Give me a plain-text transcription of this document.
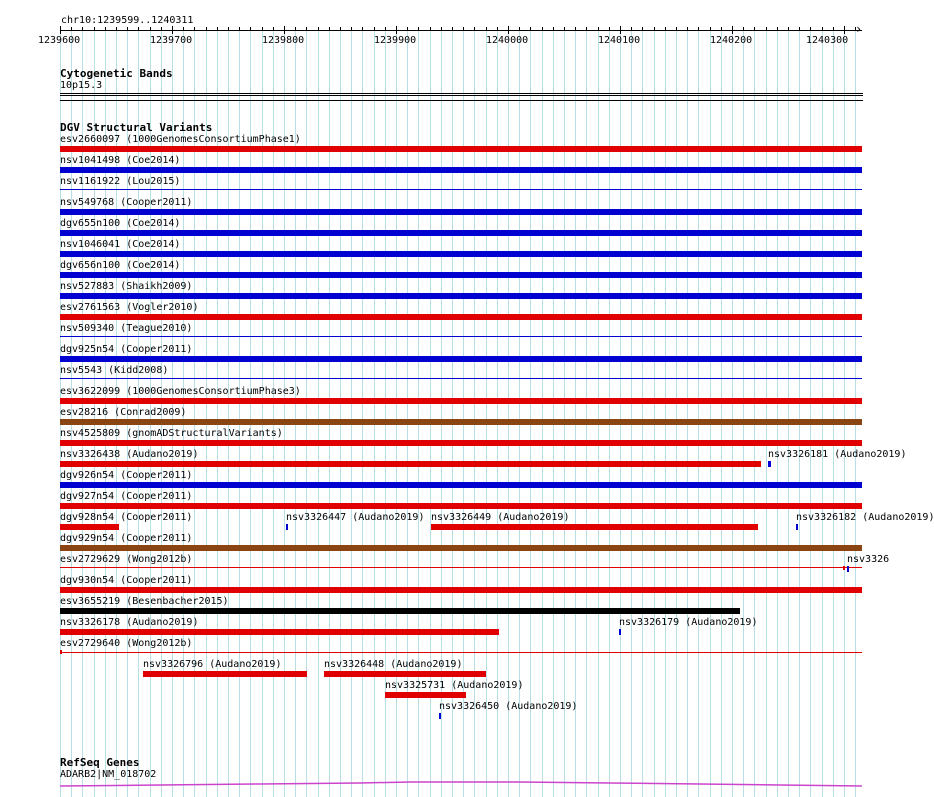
chr10:1239599..1240311
1239600	1239700	1239800	1239900	1240000	1240100	1240200	1240300
›
Cytogenetic Bands
10p15.3
DGV Structural Variants
esv2660097 (1000GenomesConsortiumPhase1)
nsv1041498 (Coe2014)
nsv1161922 (Lou2015)
nsv549768 (Cooper2011)
dgv655n100 (Coe2014)
nsv1046041 (Coe2014)
dgv656n100 (Coe2014)
nsv527883 (Shaikh2009)
esv2761563 (Vogler2010)
nsv509340 (Teague2010)
dgv925n54 (Cooper2011)
nsv5543 (Kidd2008)
esv3622099 (1000GenomesConsortiumPhase3)
esv28216 (Conrad2009)
nsv4525809 (gnomADStructuralVariants)
nsv3326438 (Audano2019)	nsv3326181 (Audano2019)
dgv926n54 (Cooper2011)
dgv927n54 (Cooper2011)
dgv928n54 (Cooper2011)	nsv3326447 (Audano2019) nsv3326449 (Audano2019)	nsv3326182 (Audano2019)
dgv929n54 (Cooper2011)
esv2729629 (Wong2012b)	nsv3326
dgv930n54 (Cooper2011)
esv3655219 (Besenbacher2015)
nsv3326178 (Audano2019)	nsv3326179 (Audano2019)
esv2729640 (Wong2012b)
nsv3326796 (Audano2019)	nsv3326448 (Audano2019)
nsv3325731 (Audano2019)
nsv3326450 (Audano2019)
RefSeq Genes
ADARB2|NM_018702
